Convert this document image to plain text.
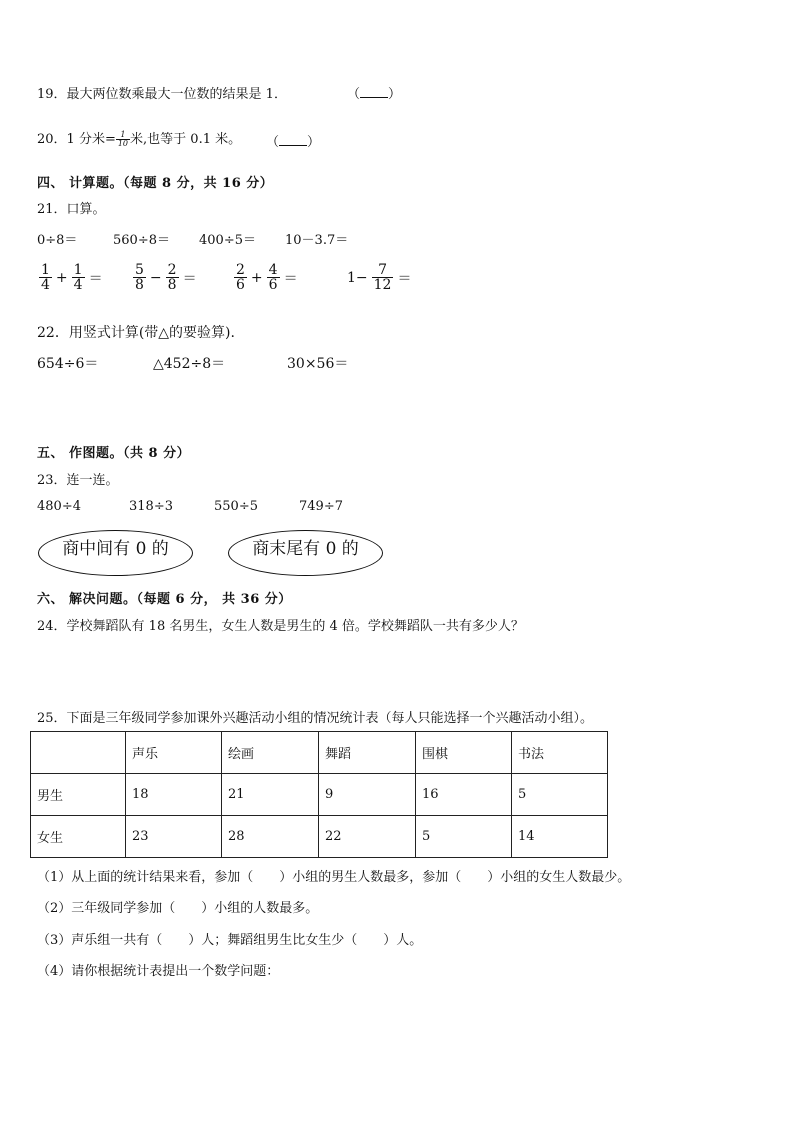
19．最大两位数乘最大一位数的结果是 1．	（ ）
20．1 分米= $\frac{1}{10}$ 米,也等于 0.1 米。 （ ）
四、 计算题。（每题 8 分，共 16 分）
21．口算。
0÷8＝	560÷8＝ 400÷5＝ 10－3.7＝
$\frac{1}{4} + \frac{1}{4} = \frac{5}{8} - \frac{2}{8}$ ＝	$\frac{2}{6} + \frac{4}{6}$ ＝	$1- \frac{7}{12}$ ＝
22．用竖式计算(带△的要验算).
654÷6＝	△452÷8＝	30×56＝
五、 作图题。（共 8 分）
23．连一连。
480÷4	318÷3	550÷5	749÷7
商中间有 0 的	商末尾有 0 的
六、 解决问题。（每题 6 分， 共 36 分）
24．学校舞蹈队有 18 名男生，女生人数是男生的 4 倍。学校舞蹈队一共有多少人？
25．下面是三年级同学参加课外兴趣活动小组的情况统计表（每人只能选择一个兴趣活动小组）。
	声乐	绘画	舞蹈	围棋	书法
男生	18	21	9	16	5
女生	23	28	22	5	14
（1）从上面的统计结果来看，参加（　　）小组的男生人数最多，参加（　　）小组的女生人数最少。
（2）三年级同学参加（　　）小组的人数最多。
（3）声乐组一共有（　　）人；舞蹈组男生比女生少（　　）人。
（4）请你根据统计表提出一个数学问题：
